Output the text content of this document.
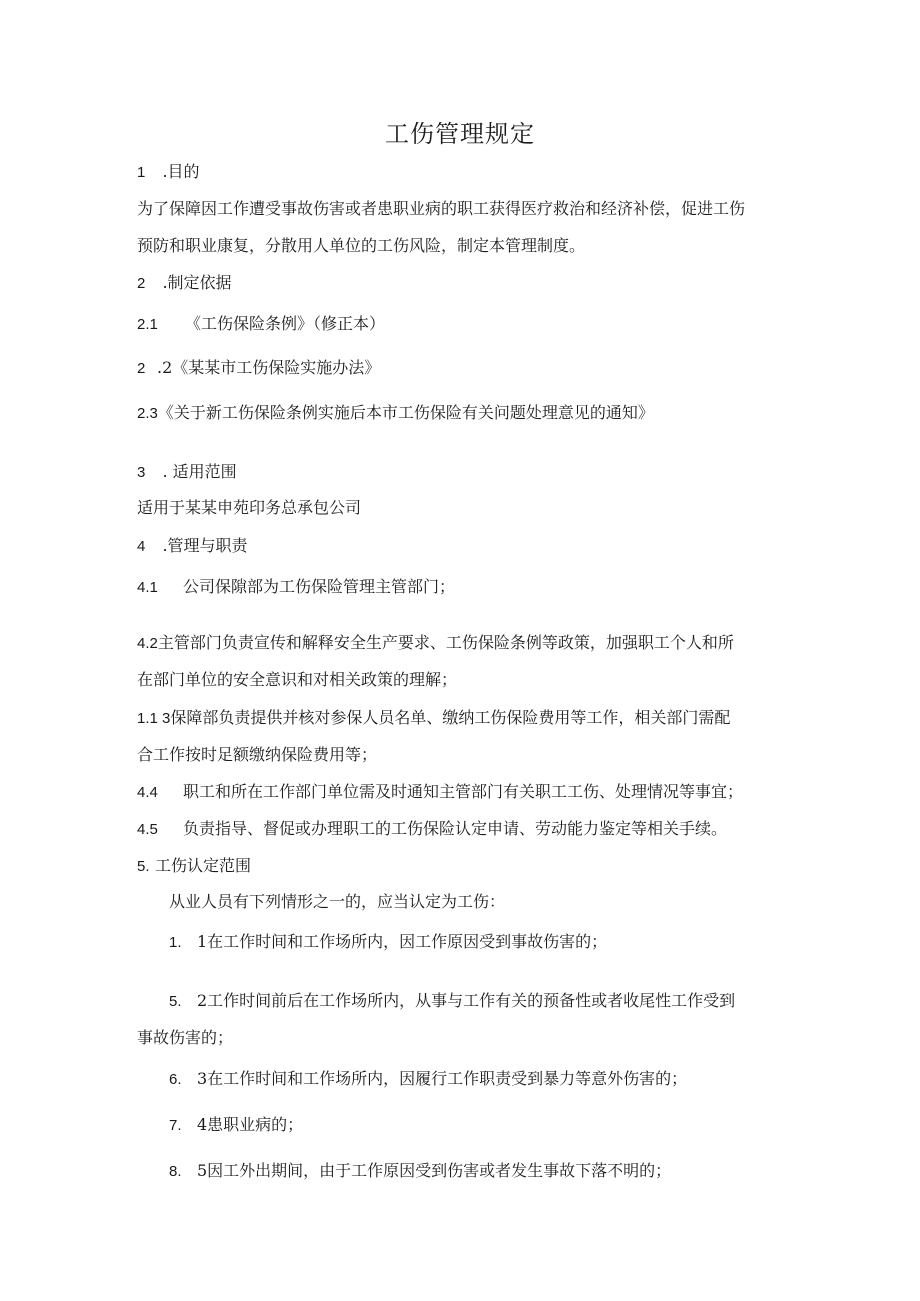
工伤管理规定
1 .目的
为了保障因工作遭受事故伤害或者患职业病的职工获得医疗救治和经济补偿，促进工伤
预防和职业康复，分散用人单位的工伤风险，制定本管理制度。
2 .制定依据
2.1 《工伤保险条例》（修正本）
2 .2《某某市工伤保险实施办法》
2.3《关于新工伤保险条例实施后本市工伤保险有关问题处理意见的通知》
3 . 适用范围
适用于某某申苑印务总承包公司
4 .管理与职责
4.1 公司保隙部为工伤保险管理主管部门；
4.2主管部门负责宣传和解释安全生产要求、工伤保险条例等政策，加强职工个人和所
在部门单位的安全意识和对相关政策的理解；
1.1 3保障部负责提供并核对参保人员名单、缴纳工伤保险费用等工作，相关部门需配
合工作按时足额缴纳保险费用等；
4.4 职工和所在工作部门单位需及时通知主管部门有关职工工伤、处理情况等事宜；
4.5 负责指导、督促或办理职工的工伤保险认定申请、劳动能力鉴定等相关手续。
5. 工伤认定范围
从业人员有下列情形之一的，应当认定为工伤：
1. 1在工作时间和工作场所内，因工作原因受到事故伤害的；
5. 2工作时间前后在工作场所内，从事与工作有关的预备性或者收尾性工作受到
事故伤害的；
6. 3在工作时间和工作场所内，因履行工作职责受到暴力等意外伤害的；
7. 4患职业病的；
8. 5因工外出期间，由于工作原因受到伤害或者发生事故下落不明的；
